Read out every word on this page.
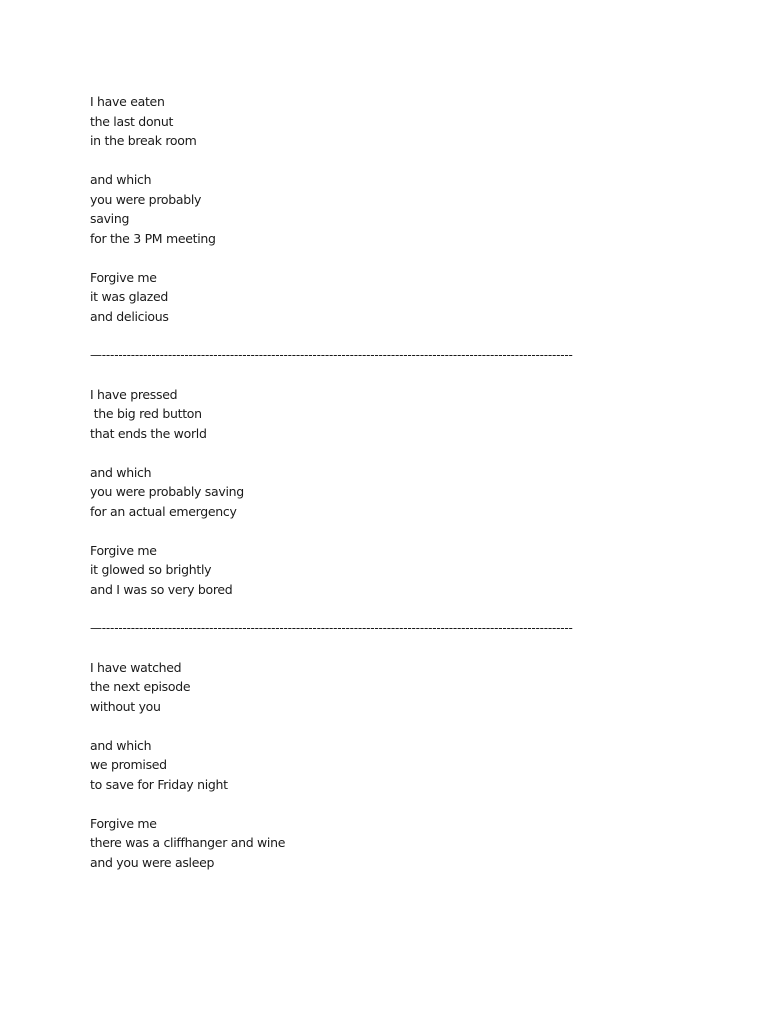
I have eaten
the last donut
in the break room
and which
you were probably
saving
for the 3 PM meeting
Forgive me
it was glazed
and delicious
—------------------------------------------------------------------------------------------------------------------
I have pressed
the big red button
that ends the world
and which
you were probably saving
for an actual emergency
Forgive me
it glowed so brightly
and I was so very bored
—------------------------------------------------------------------------------------------------------------------
I have watched
the next episode
without you
and which
we promised
to save for Friday night
Forgive me
there was a cliffhanger and wine
and you were asleep
